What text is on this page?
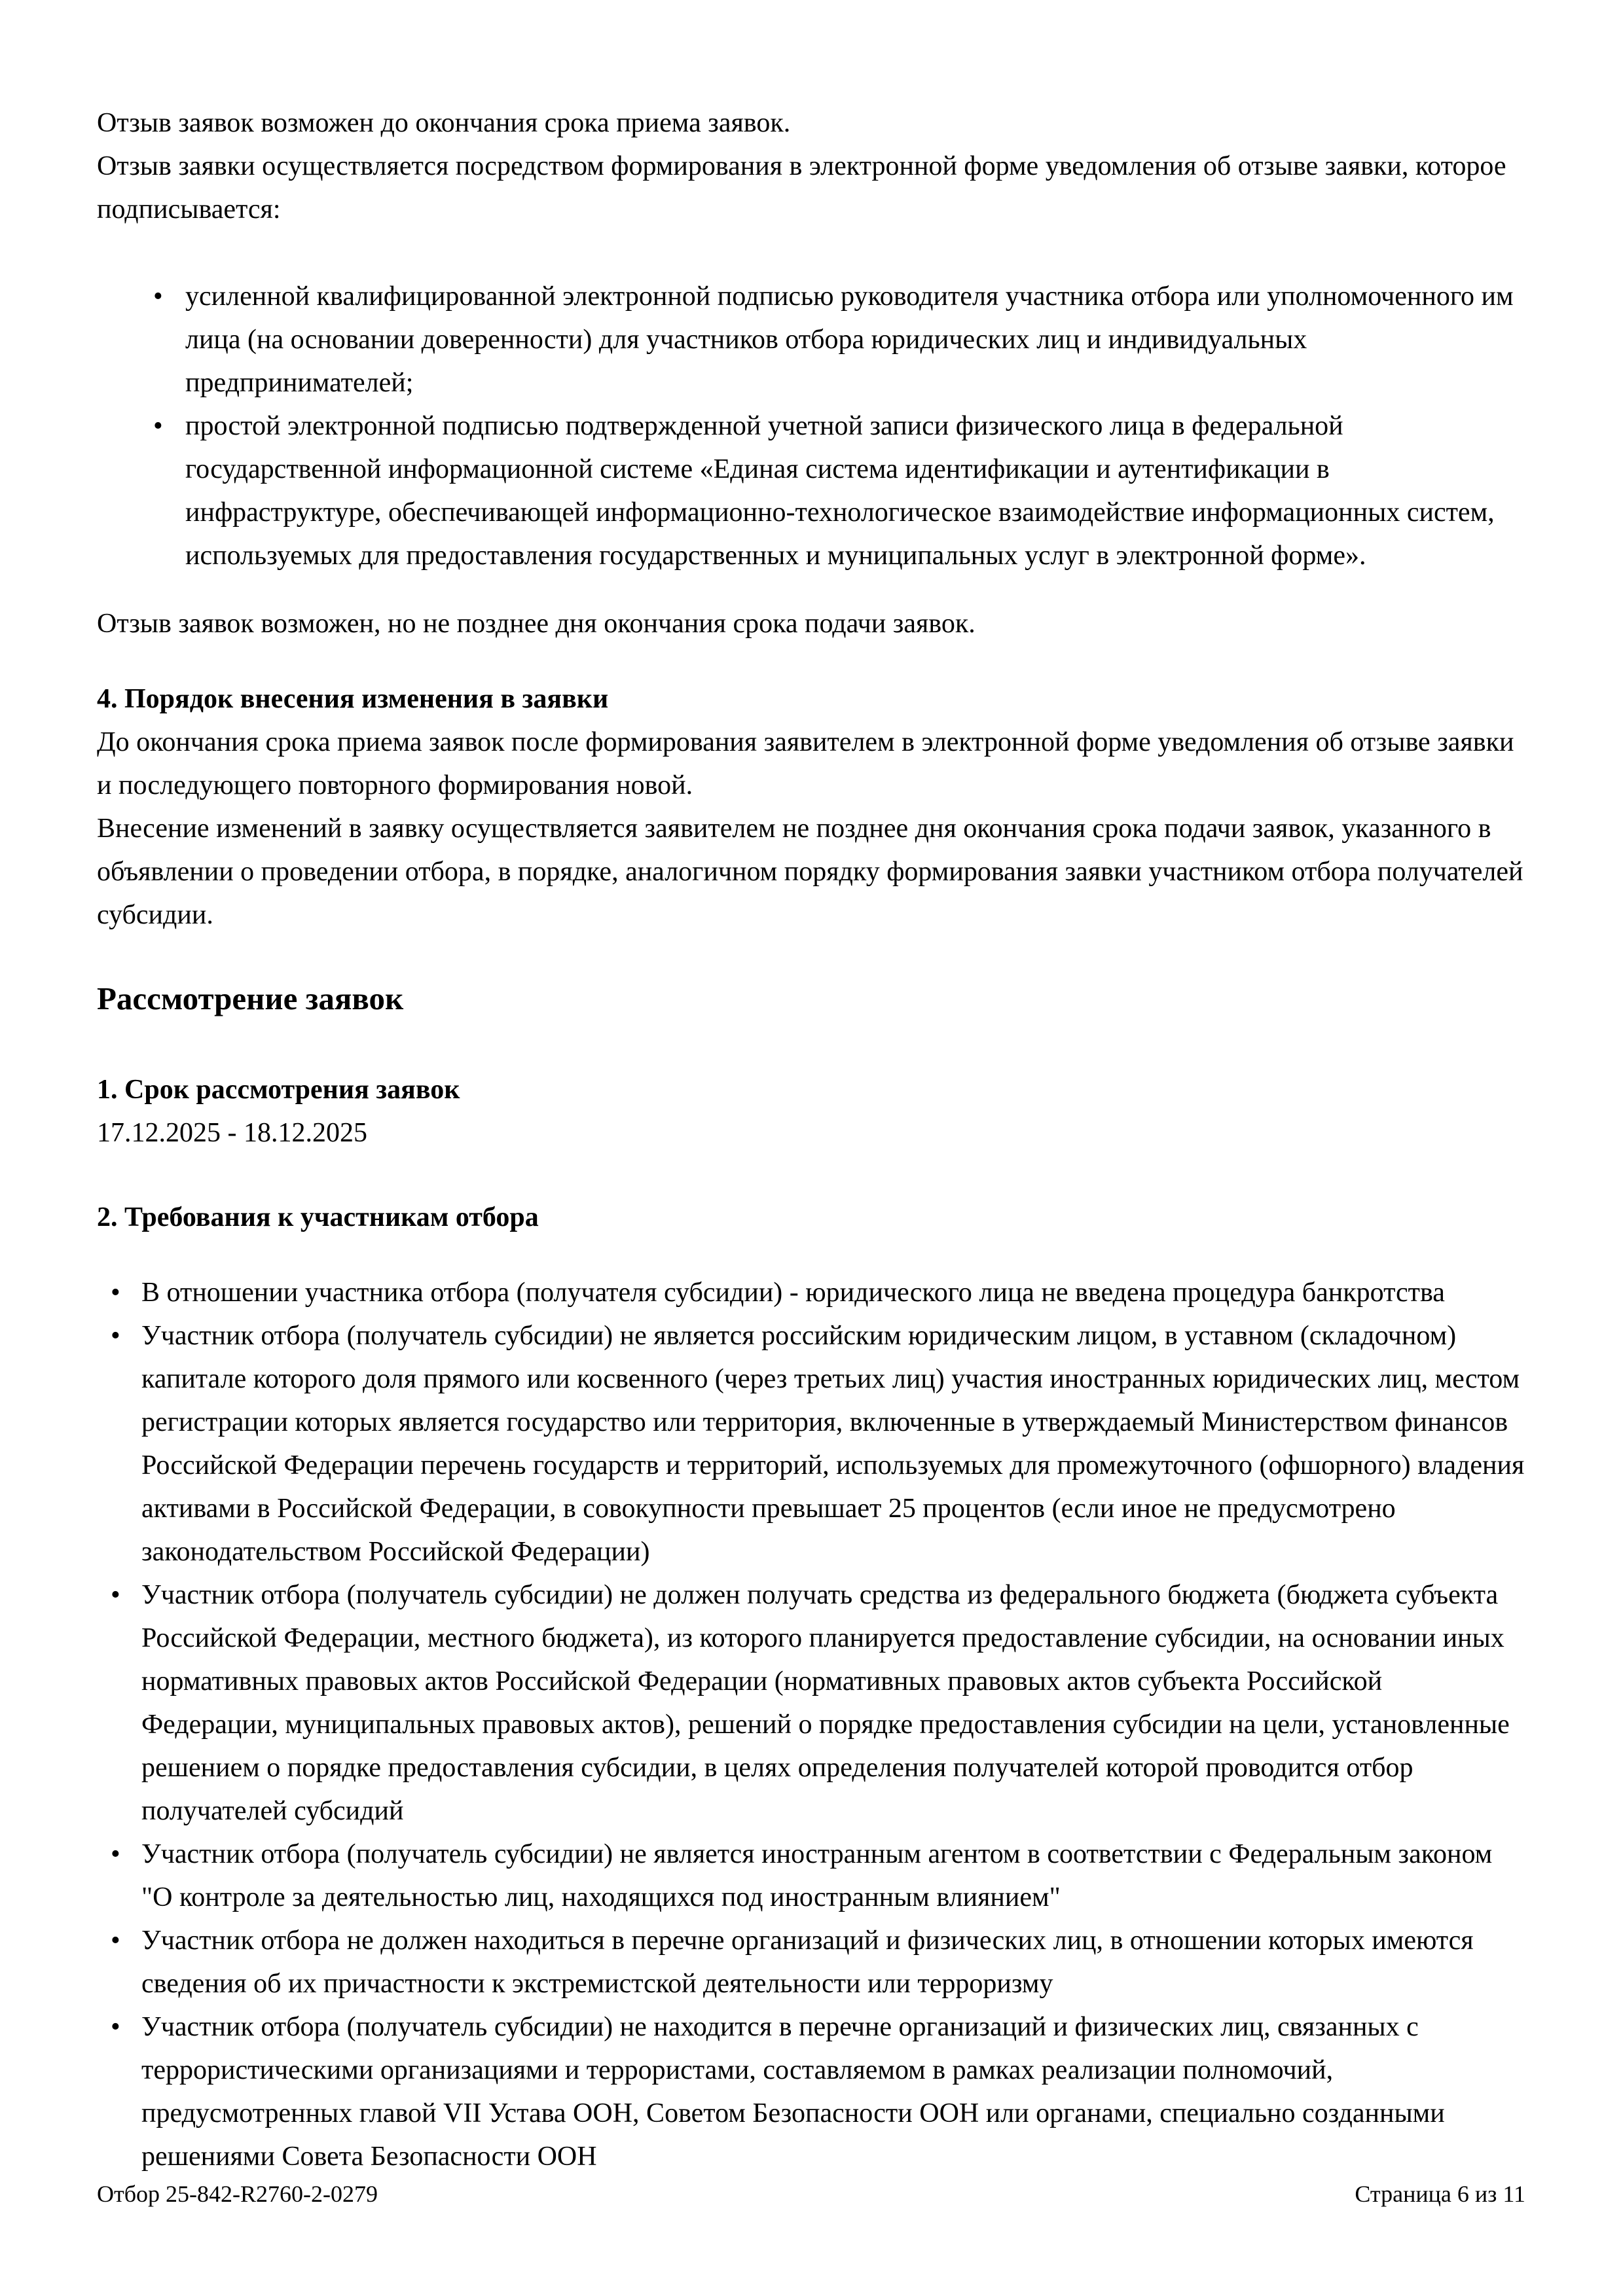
Отзыв заявок возможен до окончания срока приема заявок.

Отзыв заявки осуществляется посредством формирования в электронной форме уведомления об отзыве заявки, которое подписывается:

• усиленной квалифицированной электронной подписью руководителя участника отбора или уполномоченного им лица (на основании доверенности) для участников отбора юридических лиц и индивидуальных предпринимателей;
• простой электронной подписью подтвержденной учетной записи физического лица в федеральной государственной информационной системе «Единая система идентификации и аутентификации в инфраструктуре, обеспечивающей информационно-технологическое взаимодействие информационных систем, используемых для предоставления государственных и муниципальных услуг в электронной форме».

Отзыв заявок возможен, но не позднее дня окончания срока подачи заявок.

4. Порядок внесения изменения в заявки

До окончания срока приема заявок после формирования заявителем в электронной форме уведомления об отзыве заявки и последующего повторного формирования новой.

Внесение изменений в заявку осуществляется заявителем не позднее дня окончания срока подачи заявок, указанного в объявлении о проведении отбора, в порядке, аналогичном порядку формирования заявки участником отбора получателей субсидии.

Рассмотрение заявок
1. Срок рассмотрения заявок

17.12.2025 - 18.12.2025

2. Требования к участникам отбора
• В отношении участника отбора (получателя субсидии) - юридического лица не введена процедура банкротства
• Участник отбора (получатель субсидии) не является российским юридическим лицом, в уставном (складочном) капитале которого доля прямого или косвенного (через третьих лиц) участия иностранных юридических лиц, местом регистрации которых является государство или территория, включенные в утверждаемый Министерством финансов Российской Федерации перечень государств и территорий, используемых для промежуточного (офшорного) владения активами в Российской Федерации, в совокупности превышает 25 процентов (если иное не предусмотрено законодательством Российской Федерации)
• Участник отбора (получатель субсидии) не должен получать средства из федерального бюджета (бюджета субъекта Российской Федерации, местного бюджета), из которого планируется предоставление субсидии, на основании иных нормативных правовых актов Российской Федерации (нормативных правовых актов субъекта Российской Федерации, муниципальных правовых актов), решений о порядке предоставления субсидии на цели, установленные решением о порядке предоставления субсидии, в целях определения получателей которой проводится отбор получателей субсидий
• Участник отбора (получатель субсидии) не является иностранным агентом в соответствии с Федеральным законом "О контроле за деятельностью лиц, находящихся под иностранным влиянием"
• Участник отбора не должен находиться в перечне организаций и физических лиц, в отношении которых имеются сведения об их причастности к экстремистской деятельности или терроризму
• Участник отбора (получатель субсидии) не находится в перечне организаций и физических лиц, связанных с террористическими организациями и террористами, составляемом в рамках реализации полномочий, предусмотренных главой VII Устава ООН, Советом Безопасности ООН или органами, специально созданными решениями Совета Безопасности ООН
Отбор 25-842-R2760-2-0279	Страница 6 из 11
